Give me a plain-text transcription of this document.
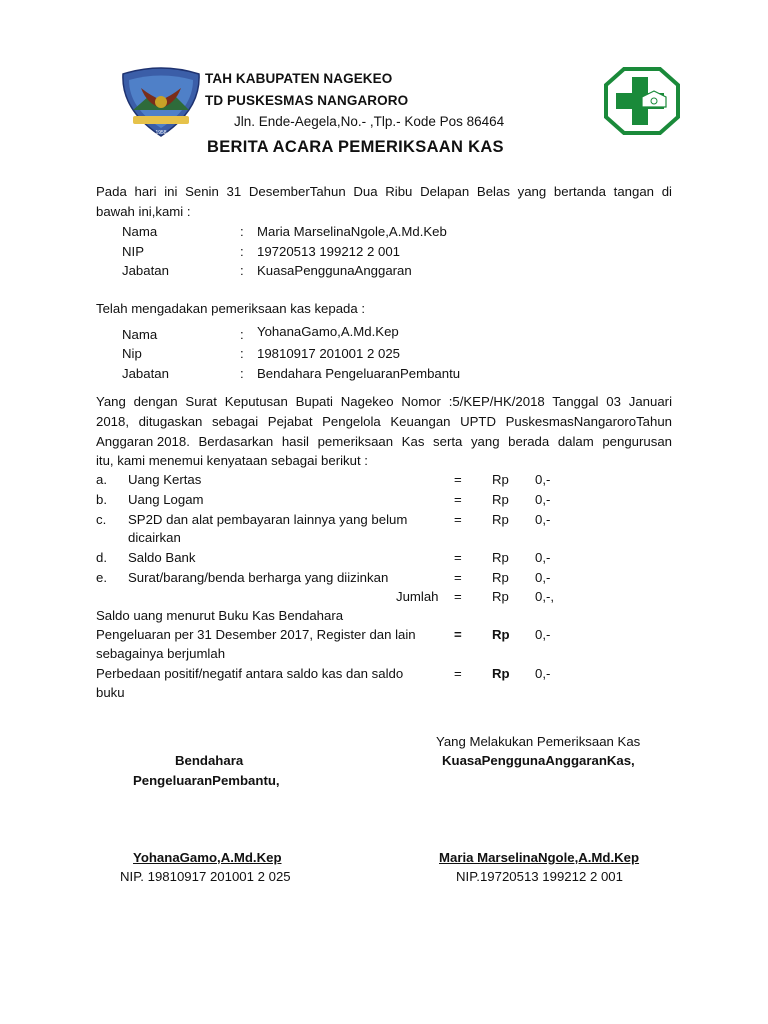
1958
TAH KABUPATEN NAGEKEO
TD PUSKESMAS NANGARORO
Jln. Ende-Aegela,No.- ,Tlp.- Kode Pos 86464
BERITA ACARA PEMERIKSAAN KAS
Pada hari ini Senin 31 DesemberTahun Dua Ribu Delapan Belas yang bertanda tangan di
bawah ini,kami :
Nama	: Maria MarselinaNgole,A.Md.Keb
NIP	: 19720513 199212 2 001
Jabatan	: KuasaPenggunaAnggaran
Telah mengadakan pemeriksaan kas kepada :
Nama	: YohanaGamo,A.Md.Kep
Nip	: 19810917 201001 2 025
Jabatan	: Bendahara PengeluaranPembantu
Yang dengan Surat Keputusan Bupati Nagekeo Nomor :5/KEP/HK/2018 Tanggal 03 Januari
2018, ditugaskan sebagai Pejabat Pengelola Keuangan UPTD PuskesmasNangaroroTahun
Anggaran 2018 . Berdasarkan hasil pemeriksaan Kas serta yang berada dalam pengurusan
itu, kami menemui kenyataan sebagai berikut :
a. Uang Kertas	= Rp 0,-
b. Uang Logam	= Rp 0,-
c. SP2D dan alat pembayaran lainnya yang belum
dicairkan
= Rp 0,-
d. Saldo Bank	= Rp 0,-
e. Surat/barang/benda berharga yang diizinkan	= Rp 0,-
Jumlah = Rp 0,-,
Saldo uang menurut Buku Kas Bendahara
Pengeluaran per 31 Desember 2017, Register dan lain
sebagainya berjumlah
= Rp 0,-
Perbedaan positif/negatif antara saldo kas dan saldo
buku
= Rp 0,-
Yang Melakukan Pemeriksaan Kas
KuasaPenggunaAnggaranKas,
Bendahara
PengeluaranPembantu,
YohanaGamo,A.Md.Kep
NIP. 19810917 201001 2 025
Maria MarselinaNgole,A.Md.Kep
NIP.19720513 199212 2 001
